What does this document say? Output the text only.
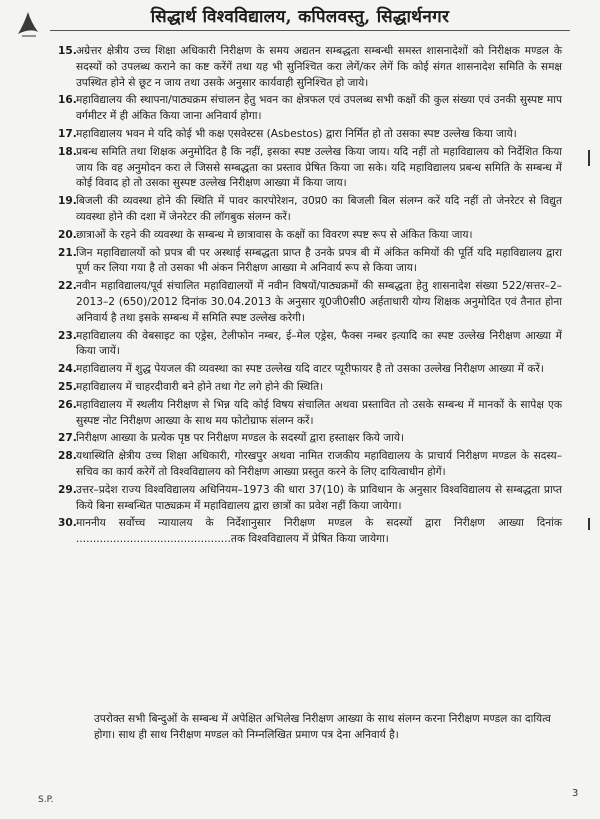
सिद्धार्थ विश्वविद्यालय, कपिलवस्तु, सिद्धार्थनगर
15. अग्रेत्तर क्षेत्रीय उच्च शिक्षा अधिकारी निरीक्षण के समय अद्यतन सम्बद्धता सम्बन्धी समस्त शासनादेशों को निरीक्षक मण्डल के सदस्यों को उपलब्ध कराने का कष्ट करेंगें तथा यह भी सुनिश्चित करा लेगें/कर लेगें कि कोई संगत शासनादेश समिति के समक्ष उपस्थित होने से छूट न जाय तथा उसके अनुसार कार्यवाही सुनिश्चित हो जाये।
16. महाविद्यालय की स्थापना/पाठ्यक्रम संचालन हेतु भवन का क्षेत्रफल एवं उपलब्ध सभी कक्षों की कुल संख्या एवं उनकी सुस्पष्ट माप वर्गमीटर में ही अंकित किया जाना अनिवार्य होगा।
17. महाविद्यालय भवन मे यदि कोई भी कक्ष एसवेस्टस (Asbestos) द्वारा निर्मित हो तो उसका स्पष्ट उल्लेख किया जाये।
18. प्रबन्ध समिति तथा शिक्षक अनुमोदित है कि नहीं, इसका स्पष्ट उल्लेख किया जाय। यदि नहीं तो महाविद्यालय को निर्देशित किया जाय कि वह अनुमोदन करा ले जिससे सम्बद्धता का प्रस्ताव प्रेषित किया जा सके। यदि महाविद्यालय प्रबन्ध समिति के सम्बन्ध में कोई विवाद हो तो उसका सुस्पष्ट उल्लेख निरीक्षण आख्या में किया जाय।
19. बिजली की व्यवस्था होने की स्थिति में पावर कारपोरेशन, उ0प्र0 का बिजली बिल संलग्न करें यदि नहीं तो जेनरेटर से विद्युत व्यवस्था होने की दशा में जेनरेटर की लॉगबुक संलग्न करें।
20. छात्राओं के रहने की व्यवस्था के सम्बन्ध मे छात्रावास के कक्षों का विवरण स्पष्ट रूप से अंकित किया जाय।
21. जिन महाविद्यालयों को प्रपत्र बी पर अस्थाई सम्बद्धता प्राप्त है उनके प्रपत्र बी में अंकित कमियों की पूर्ति यदि महाविद्यालय द्वारा पूर्ण कर लिया गया है तो उसका भी अंकन निरीक्षण आख्या मे अनिवार्य रूप से किया जाय।
22. नवीन महाविद्यालय/पूर्व संचालित महाविद्यालयों में नवीन विषयों/पाठ्यक्रमों की सम्बद्धता हेतु शासनादेश संख्या 522/सत्तर–2–2013–2 (650)/2012 दिनांक 30.04.2013 के अनुसार यू0जी0सी0 अर्हताधारी योग्य शिक्षक अनुमोदित एवं तैनात होना अनिवार्य है तथा इसके सम्बन्ध में समिति स्पष्ट उल्लेख करेगी।
23. महाविद्यालय की वेबसाइट का एड्रेस, टेलीफोन नम्बर, ई–मेल एड्रेस, फैक्स नम्बर इत्यादि का स्पष्ट उल्लेख निरीक्षण आख्या में किया जायें।
24. महाविद्यालय में शुद्ध पेयजल की व्यवस्था का स्पष्ट उल्लेख यदि वाटर प्यूरीफायर है तो उसका उल्लेख निरीक्षण आख्या में करें।
25. महाविद्यालय में चाहरदीवारी बने होने तथा गेट लगे होने की स्थिति।
26. महाविद्यालय में स्थलीय निरीक्षण से भिन्न यदि कोई विषय संचालित अथवा प्रस्तावित तो उसके सम्बन्ध में मानकों के सापेक्ष एक सुस्पष्ट नोट निरीक्षण आख्या के साथ मय फोटोग्राफ संलग्न करें।
27. निरीक्षण आख्या के प्रत्येक पृष्ठ पर निरीक्षण मण्डल के सदस्यों द्वारा हस्ताक्षर किये जाये।
28. यथास्थिति क्षेत्रीय उच्च शिक्षा अधिकारी, गोरखपुर अथवा नामित राजकीय महाविद्यालय के प्राचार्य निरीक्षण मण्डल के सदस्य–सचिव का कार्य करेगें तो विश्वविद्यालय को निरीक्षण आख्या प्रस्तुत करने के लिए दायित्वाधीन होगें।
29. उत्तर–प्रदेश राज्य विश्वविद्यालय अधिनियम–1973 की धारा 37(10) के प्राविधान के अनुसार विश्वविद्यालय से सम्बद्धता प्राप्त किये बिना सम्बन्धित पाठ्यक्रम में महाविद्यालय द्वारा छात्रों का प्रवेश नहीं किया जायेगा।
30. माननीय सर्वोच्च न्यायालय के निर्देशानुसार निरीक्षण मण्डल के सदस्यों द्वारा निरीक्षण आख्या दिनांक ..............................................तक विश्वविद्यालय में प्रेषित किया जायेगा।
उपरोक्त सभी बिन्दुओं के सम्बन्ध में अपेक्षित अभिलेख निरीक्षण आख्या के साथ संलग्न करना निरीक्षण मण्डल का दायित्व होगा। साथ ही साथ निरीक्षण मण्डल को निम्नलिखित प्रमाण पत्र देना अनिवार्य है।
S.P.
3
